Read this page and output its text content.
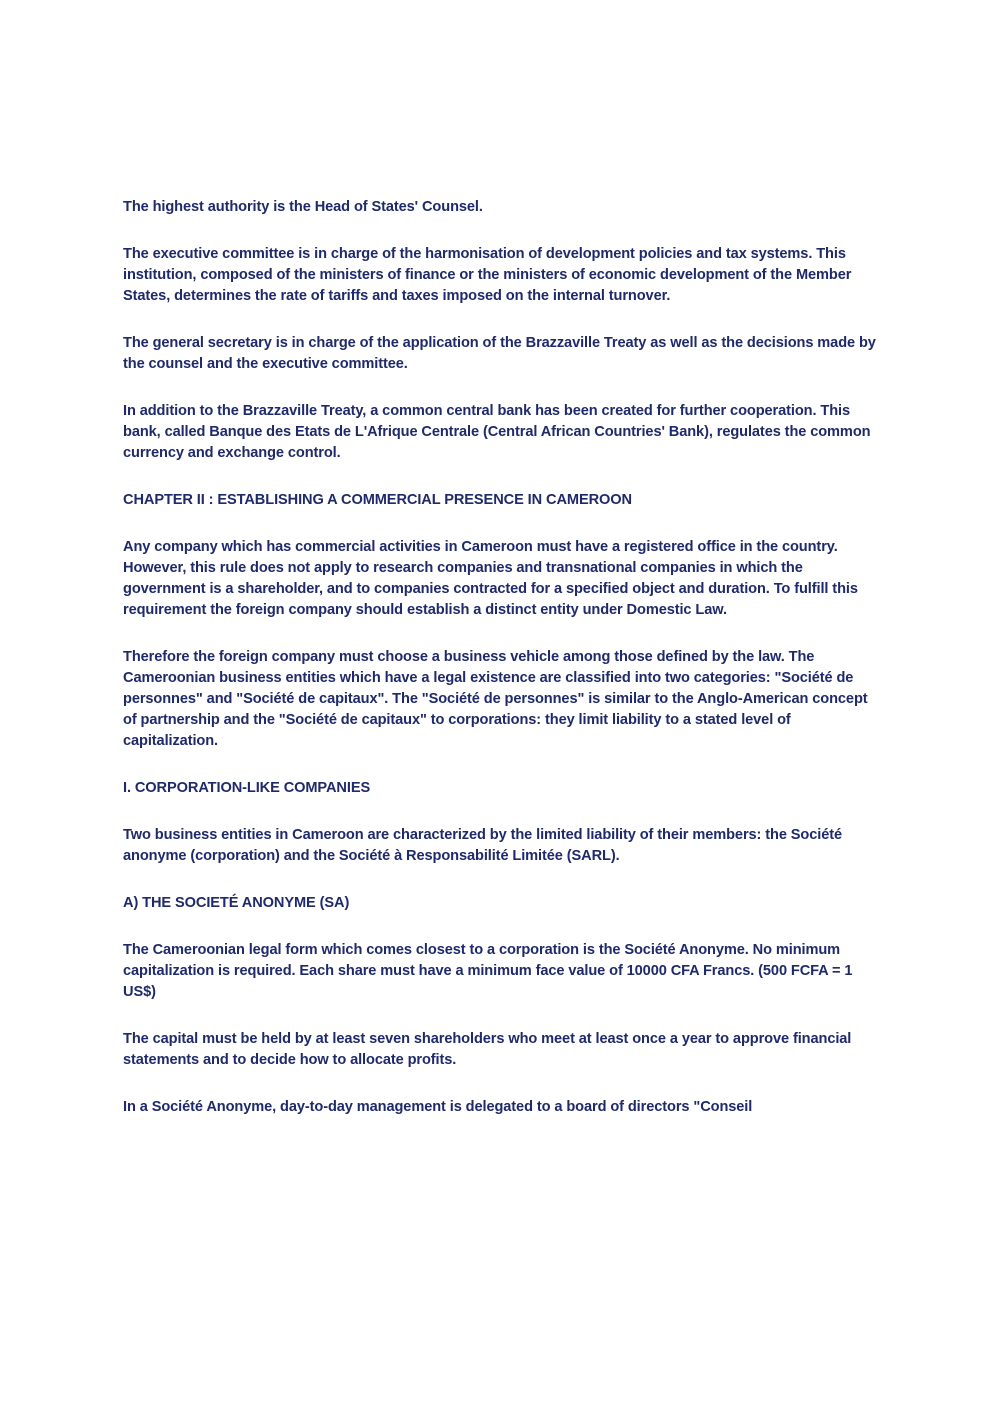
The highest authority is the Head of States' Counsel.

The executive committee is in charge of the harmonisation of development policies and tax systems. This institution, composed of the ministers of finance or the ministers of economic development of the Member States, determines the rate of tariffs and taxes imposed on the internal turnover.

The general secretary is in charge of the application of the Brazzaville Treaty as well as the decisions made by the counsel and the executive committee.

In addition to the Brazzaville Treaty, a common central bank has been created for further cooperation. This bank, called Banque des Etats de L'Afrique Centrale (Central African Countries' Bank), regulates the common currency and exchange control.

CHAPTER II : ESTABLISHING A COMMERCIAL PRESENCE IN CAMEROON

Any company which has commercial activities in Cameroon must have a registered office in the country. However, this rule does not apply to research companies and transnational companies in which the government is a shareholder, and to companies contracted for a specified object and duration. To fulfill this requirement the foreign company should establish a distinct entity under Domestic Law.

Therefore the foreign company must choose a business vehicle among those defined by the law. The Cameroonian business entities which have a legal existence are classified into two categories: "Société de personnes" and "Société de capitaux". The "Société de personnes" is similar to the Anglo-American concept of partnership and the "Société de capitaux" to corporations: they limit liability to a stated level of capitalization.

I. CORPORATION-LIKE COMPANIES

Two business entities in Cameroon are characterized by the limited liability of their members: the Société anonyme (corporation) and the Société à Responsabilité Limitée (SARL).

A) THE SOCIETÉ ANONYME (SA)

The Cameroonian legal form which comes closest to a corporation is the Société Anonyme. No minimum capitalization is required. Each share must have a minimum face value of 10000 CFA Francs. (500 FCFA = 1 US$)

The capital must be held by at least seven shareholders who meet at least once a year to approve financial statements and to decide how to allocate profits.

In a Société Anonyme, day-to-day management is delegated to a board of directors "Conseil
